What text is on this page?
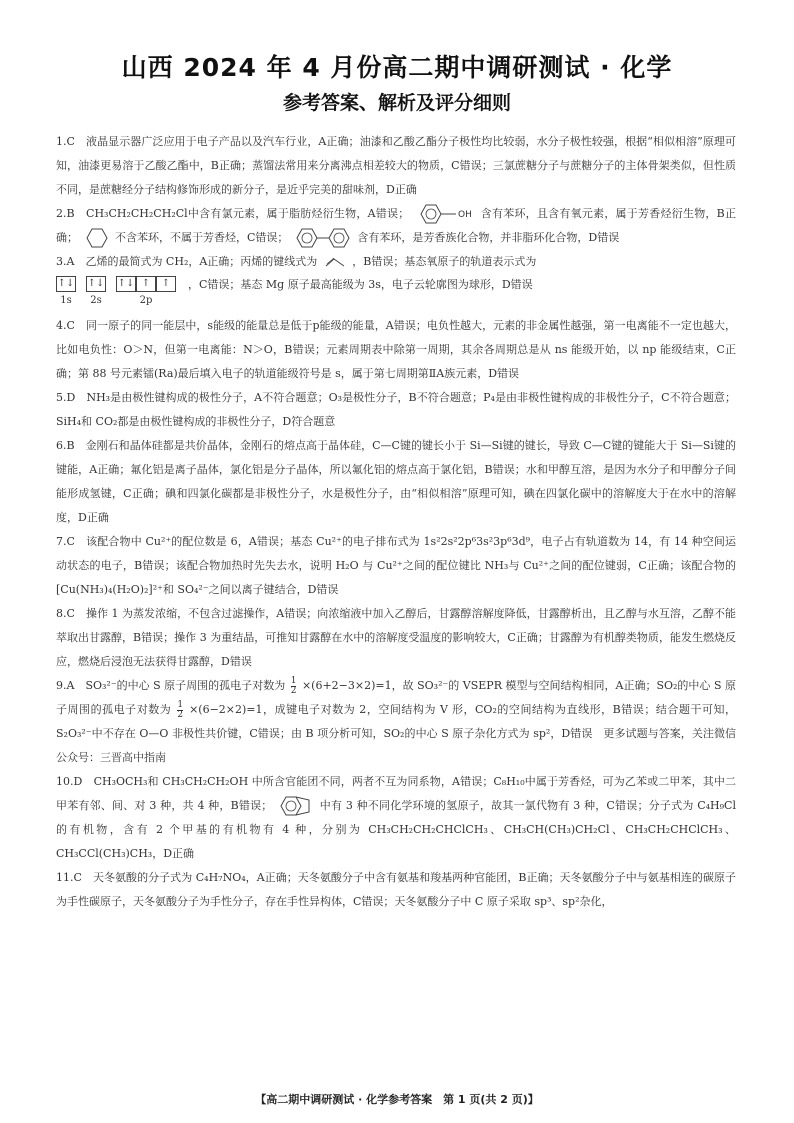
山西 2024 年 4 月份高二期中调研测试 · 化学
参考答案、解析及评分细则

1.C　液晶显示器广泛应用于电子产品以及汽车行业，A正确；油漆和乙酸乙酯分子极性均比较弱，水分子极性较强，根据“相似相溶”原理可知，油漆更易溶于乙酸乙酯中，B正确；蒸馏法常用来分离沸点相差较大的物质，C错误；三氯蔗糖分子与蔗糖分子的主体骨架类似，但性质不同，是蔗糖经分子结构修饰形成的新分子，是近乎完美的甜味剂，D正确

2.B　CH₃CH₂CH₂CH₂Cl中含有氯元素，属于脂肪烃衍生物，A错误；	OH 含有苯环，且含有氧元素，属于芳香烃衍生物，B正确；	不含苯环，不属于芳香烃，C错误；	含有苯环，是芳香族化合物，并非脂环化合物，D错误

3.A　乙烯的最简式为 CH₂，A正确；丙烯的键线式为	，B错误；基态氧原子的轨道表示式为
↑↓
1s
↑↓
2s
↑↓ ↑	↑
2p
，C错误；基态 Mg 原子最高能级为 3s，电子云轮廓图为球形，D错误

4.C　同一原子的同一能层中，s能级的能量总是低于p能级的能量，A错误；电负性越大，元素的非金属性越强，第一电离能不一定也越大，比如电负性：O＞N，但第一电离能：N＞O，B错误；元素周期表中除第一周期，其余各周期总是从 ns 能级开始，以 np 能级结束，C正确；第 88 号元素镭(Ra)最后填入电子的轨道能级符号是 s，属于第七周期第ⅡA族元素，D错误

5.D　NH₃是由极性键构成的极性分子，A不符合题意；O₃是极性分子，B不符合题意；P₄是由非极性键构成的非极性分子，C不符合题意；SiH₄和 CO₂都是由极性键构成的非极性分子，D符合题意

6.B　金刚石和晶体硅都是共价晶体，金刚石的熔点高于晶体硅，C—C键的键长小于 Si—Si键的键长，导致 C—C键的键能大于 Si—Si键的键能，A正确；氟化铝是离子晶体，氯化铝是分子晶体，所以氟化铝的熔点高于氯化铝，B错误；水和甲醇互溶，是因为水分子和甲醇分子间能形成氢键，C正确；碘和四氯化碳都是非极性分子，水是极性分子，由“相似相溶”原理可知，碘在四氯化碳中的溶解度大于在水中的溶解度，D正确

7.C　该配合物中 Cu²⁺的配位数是 6，A错误；基态 Cu²⁺的电子排布式为 1s²2s²2p⁶3s²3p⁶3d⁹，电子占有轨道数为 14，有 14 种空间运动状态的电子，B错误；该配合物加热时先失去水，说明 H₂O 与 Cu²⁺之间的配位键比 NH₃与 Cu²⁺之间的配位键弱，C正确；该配合物的[Cu(NH₃)₄(H₂O)₂]²⁺和 SO₄²⁻之间以离子键结合，D错误

8.C　操作 1 为蒸发浓缩，不包含过滤操作，A错误；向浓缩液中加入乙醇后，甘露醇溶解度降低，甘露醇析出，且乙醇与水互溶，乙醇不能萃取出甘露醇，B错误；操作 3 为重结晶，可推知甘露醇在水中的溶解度受温度的影响较大，C正确；甘露醇为有机醇类物质，能发生燃烧反应，燃烧后浸泡无法获得甘露醇，D错误

9.A　SO₃²⁻的中心 S 原子周围的孤电子对数为 $\frac{1}{2} \times(6+2-3\times 2)=1$，故 SO₃²⁻的 VSEPR 模型与空间结构相同，A正确；SO₂的中心 S 原子周围的孤电子对数为 $\frac{1}{2} \times(6-2\times 2)=1$，成键电子对数为 2，空间结构为 V 形，CO₂的空间结构为直线形，B错误；结合题干可知，S₂O₃²⁻中不存在 O—O 非极性共价键，C错误；由 B 项分析可知，SO₂的中心 S 原子杂化方式为 sp²，D错误　更多试题与答案，关注微信公众号：三晋高中指南

10.D　CH₃OCH₃和 CH₃CH₂CH₂OH 中所含官能团不同，两者不互为同系物，A错误；C₈H₁₀中属于芳香烃，可为乙苯或二甲苯，其中二甲苯有邻、间、对 3 种，共 4 种，B错误；	中有 3 种不同化学环境的氢原子，故其一氯代物有 3 种，C错误；分子式为 C₄H₉Cl 的有机物，含有 2 个甲基的有机物有 4 种，分别为 CH₃CH₂CH₂CHClCH₃、CH₃CH(CH₃)CH₂Cl、CH₃CH₂CHClCH₃、CH₃CCl(CH₃)CH₃，D正确

11.C　天冬氨酸的分子式为 C₄H₇NO₄，A正确；天冬氨酸分子中含有氨基和羧基两种官能团，B正确；天冬氨酸分子中与氨基相连的碳原子为手性碳原子，天冬氨酸分子为手性分子，存在手性异构体，C错误；天冬氨酸分子中 C 原子采取 sp³、sp²杂化，

【高二期中调研测试 · 化学参考答案　第 1 页(共 2 页)】
